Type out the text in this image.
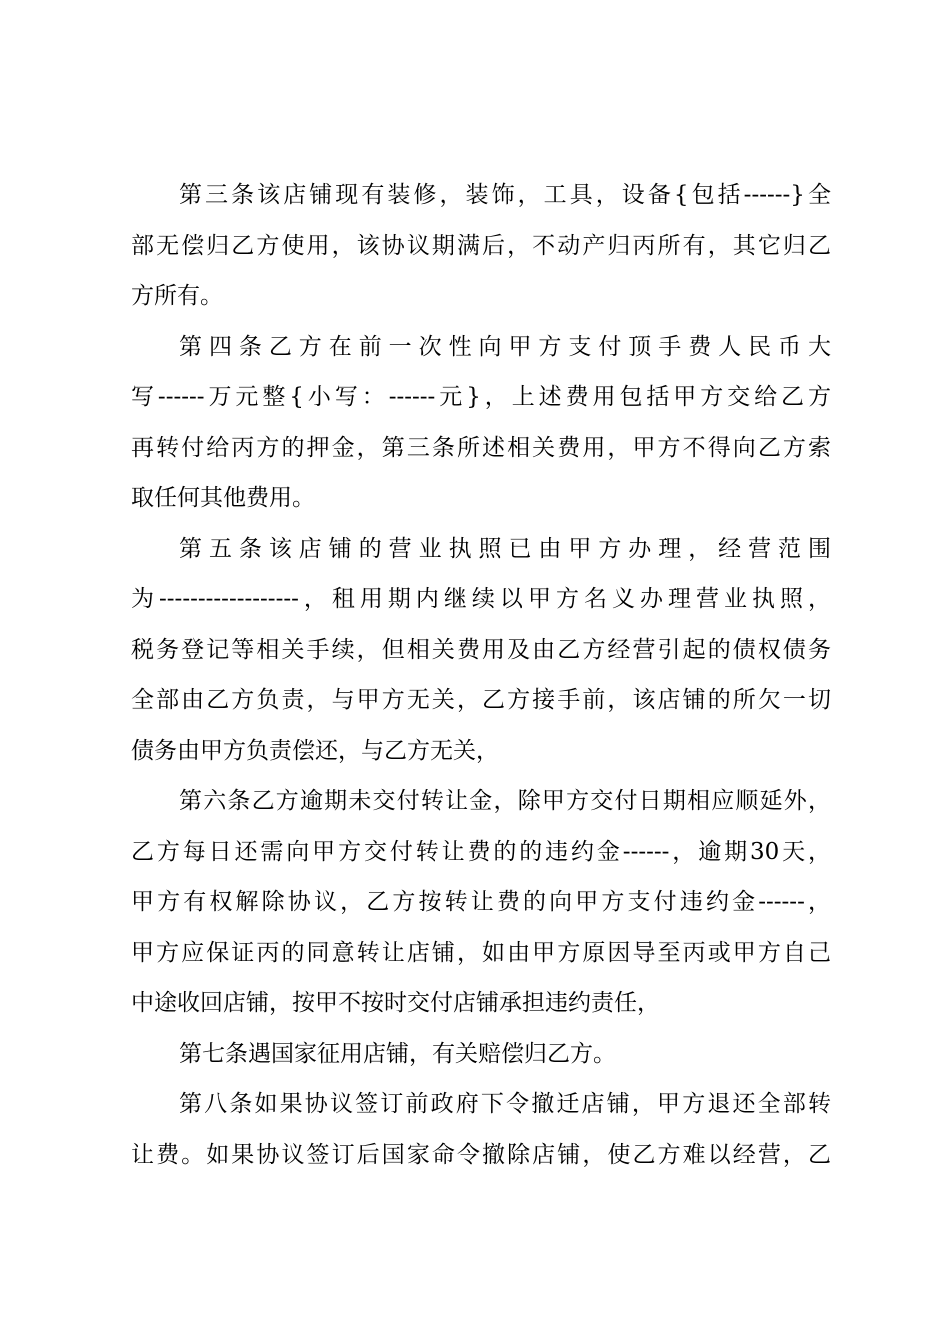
第三条该店铺现有装修，装饰，工具，设备{包括------}全
部无偿归乙方使用，该协议期满后，不动产归丙所有，其它归乙
方所有。
第四条乙方在前一次性向甲方支付顶手费人民币大
写------万元整{小写：------元}，上述费用包括甲方交给乙方
再转付给丙方的押金，第三条所述相关费用，甲方不得向乙方索
取任何其他费用。
第五条该店铺的营业执照已由甲方办理，经营范围
为------------------，租用期内继续以甲方名义办理营业执照，
税务登记等相关手续，但相关费用及由乙方经营引起的债权债务
全部由乙方负责，与甲方无关，乙方接手前，该店铺的所欠一切
债务由甲方负责偿还，与乙方无关，
第六条乙方逾期未交付转让金，除甲方交付日期相应顺延外，
乙方每日还需向甲方交付转让费的的违约金------，逾期30天，
甲方有权解除协议，乙方按转让费的向甲方支付违约金------，
甲方应保证丙的同意转让店铺，如由甲方原因导至丙或甲方自己
中途收回店铺，按甲不按时交付店铺承担违约责任，
第七条遇国家征用店铺，有关赔偿归乙方。
第八条如果协议签订前政府下令撤迁店铺，甲方退还全部转
让费。如果协议签订后国家命令撤除店铺，使乙方难以经营，乙
